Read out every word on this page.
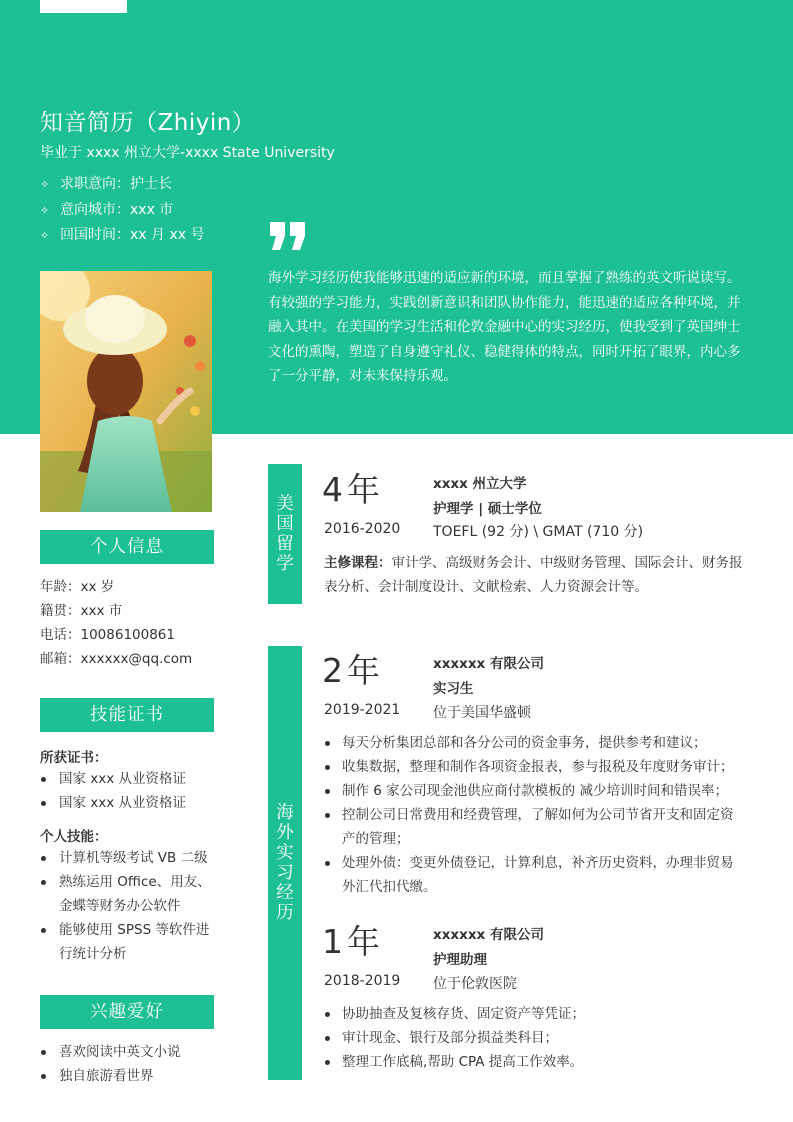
知音简历（Zhiyin）
毕业于 xxxx 州立大学-xxxx State University
✧ 求职意向：护士长
✧ 意向城市：xxx 市
✧ 回国时间：xx 月 xx 号
海外学习经历使我能够迅速的适应新的环境，而且掌握了熟练的英文听说读写。有较强的学习能力，实践创新意识和团队协作能力，能迅速的适应各种环境，并融入其中。在美国的学习生活和伦敦金融中心的实习经历，使我受到了英国绅士文化的熏陶，塑造了自身遵守礼仪、稳健得体的特点，同时开拓了眼界，内心多了一分平静，对未来保持乐观。
个人信息
年龄：xx 岁
籍贯：xxx 市
电话：10086100861
邮箱：xxxxxx@qq.com
技能证书
所获证书：
国家 xxx 从业资格证
国家 xxx 从业资格证
个人技能：
计算机等级考试 VB 二级
熟练运用 Office、用友、金蝶等财务办公软件
能够使用 SPSS 等软件进行统计分析
兴趣爱好
喜欢阅读中英文小说
独自旅游看世界
美
国
留
学
4 年
2016-2020
xxxx 州立大学
护理学 | 硕士学位
TOEFL (92 分) \ GMAT (710 分)
主修课程：审计学、高级财务会计、中级财务管理、国际会计、财务报表分析、会计制度设计、文献检索、人力资源会计等。
海
外
实
习
经
历
2 年
2019-2021
xxxxxx 有限公司
实习生
位于美国华盛顿
每天分析集团总部和各分公司的资金事务，提供参考和建议；
收集数据，整理和制作各项资金报表，参与报税及年度财务审计；
制作 6 家公司现金池供应商付款模板的 减少培训时间和错误率；
控制公司日常费用和经费管理，了解如何为公司节省开支和固定资产的管理；
处理外债：变更外债登记，计算利息，补齐历史资料，办理非贸易外汇代扣代缴。
1 年
2018-2019
xxxxxx 有限公司
护理助理
位于伦敦医院
协助抽查及复核存货、固定资产等凭证；
审计现金、银行及部分损益类科目；
整理工作底稿,帮助 CPA 提高工作效率。
